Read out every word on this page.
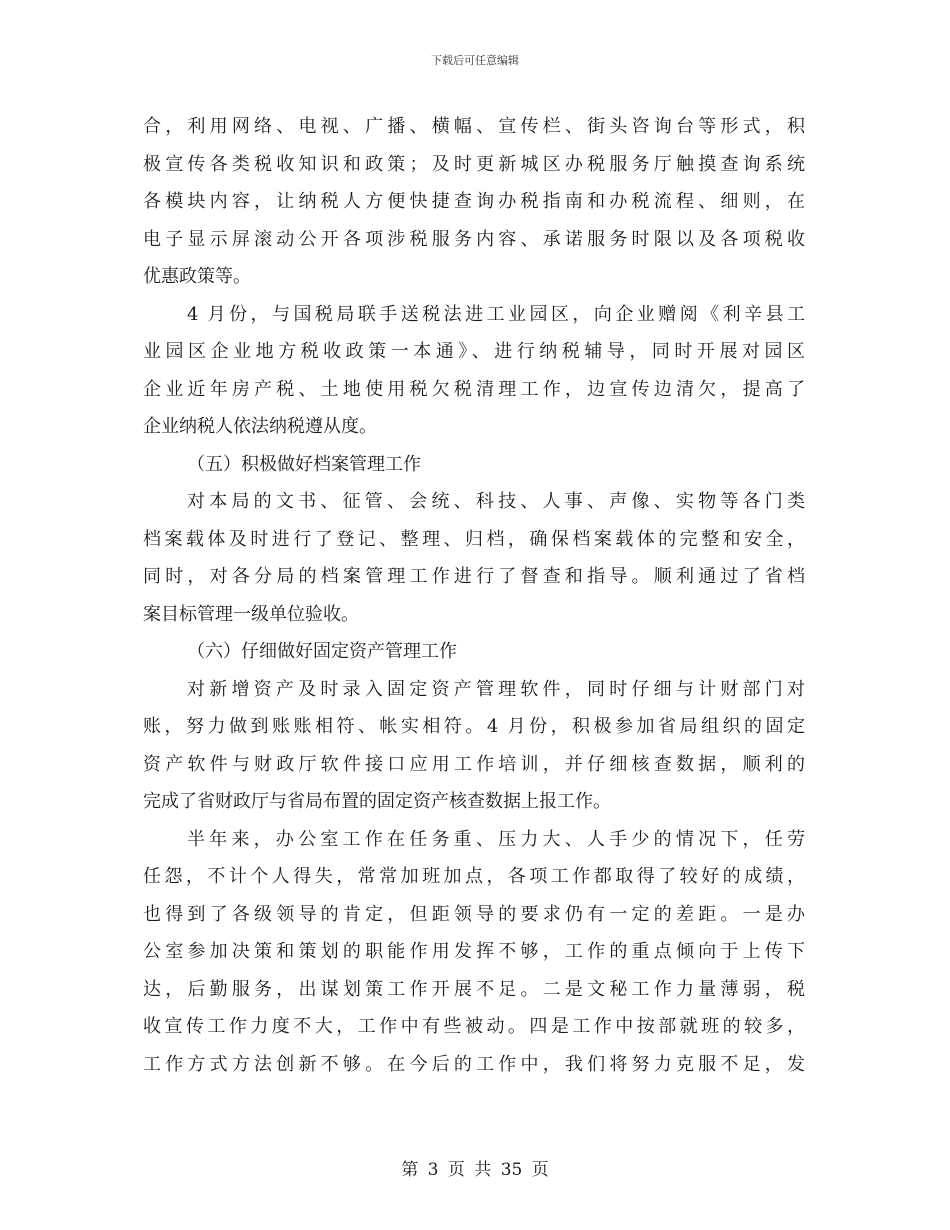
下载后可任意编辑
合，利用网络、电视、广播、横幅、宣传栏、街头咨询台等形式，积
极宣传各类税收知识和政策；及时更新城区办税服务厅触摸查询系统
各模块内容，让纳税人方便快捷查询办税指南和办税流程、细则，在
电子显示屏滚动公开各项涉税服务内容、承诺服务时限以及各项税收
优惠政策等。
4 月份，与国税局联手送税法进工业园区，向企业赠阅《利辛县工
业园区企业地方税收政策一本通》、进行纳税辅导，同时开展对园区
企业近年房产税、土地使用税欠税清理工作，边宣传边清欠，提高了
企业纳税人依法纳税遵从度。
（五）积极做好档案管理工作
对本局的文书、征管、会统、科技、人事、声像、实物等各门类
档案载体及时进行了登记、整理、归档，确保档案载体的完整和安全，
同时，对各分局的档案管理工作进行了督查和指导。顺利通过了省档
案目标管理一级单位验收。
（六）仔细做好固定资产管理工作
对新增资产及时录入固定资产管理软件，同时仔细与计财部门对
账，努力做到账账相符、帐实相符。4 月份，积极参加省局组织的固定
资产软件与财政厅软件接口应用工作培训，并仔细核查数据，顺利的
完成了省财政厅与省局布置的固定资产核查数据上报工作。
半年来，办公室工作在任务重、压力大、人手少的情况下，任劳
任怨，不计个人得失，常常加班加点，各项工作都取得了较好的成绩，
也得到了各级领导的肯定，但距领导的要求仍有一定的差距。一是办
公室参加决策和策划的职能作用发挥不够，工作的重点倾向于上传下
达，后勤服务，出谋划策工作开展不足。二是文秘工作力量薄弱，税
收宣传工作力度不大，工作中有些被动。四是工作中按部就班的较多，
工作方式方法创新不够。在今后的工作中，我们将努力克服不足，发
第 3 页 共 35 页
